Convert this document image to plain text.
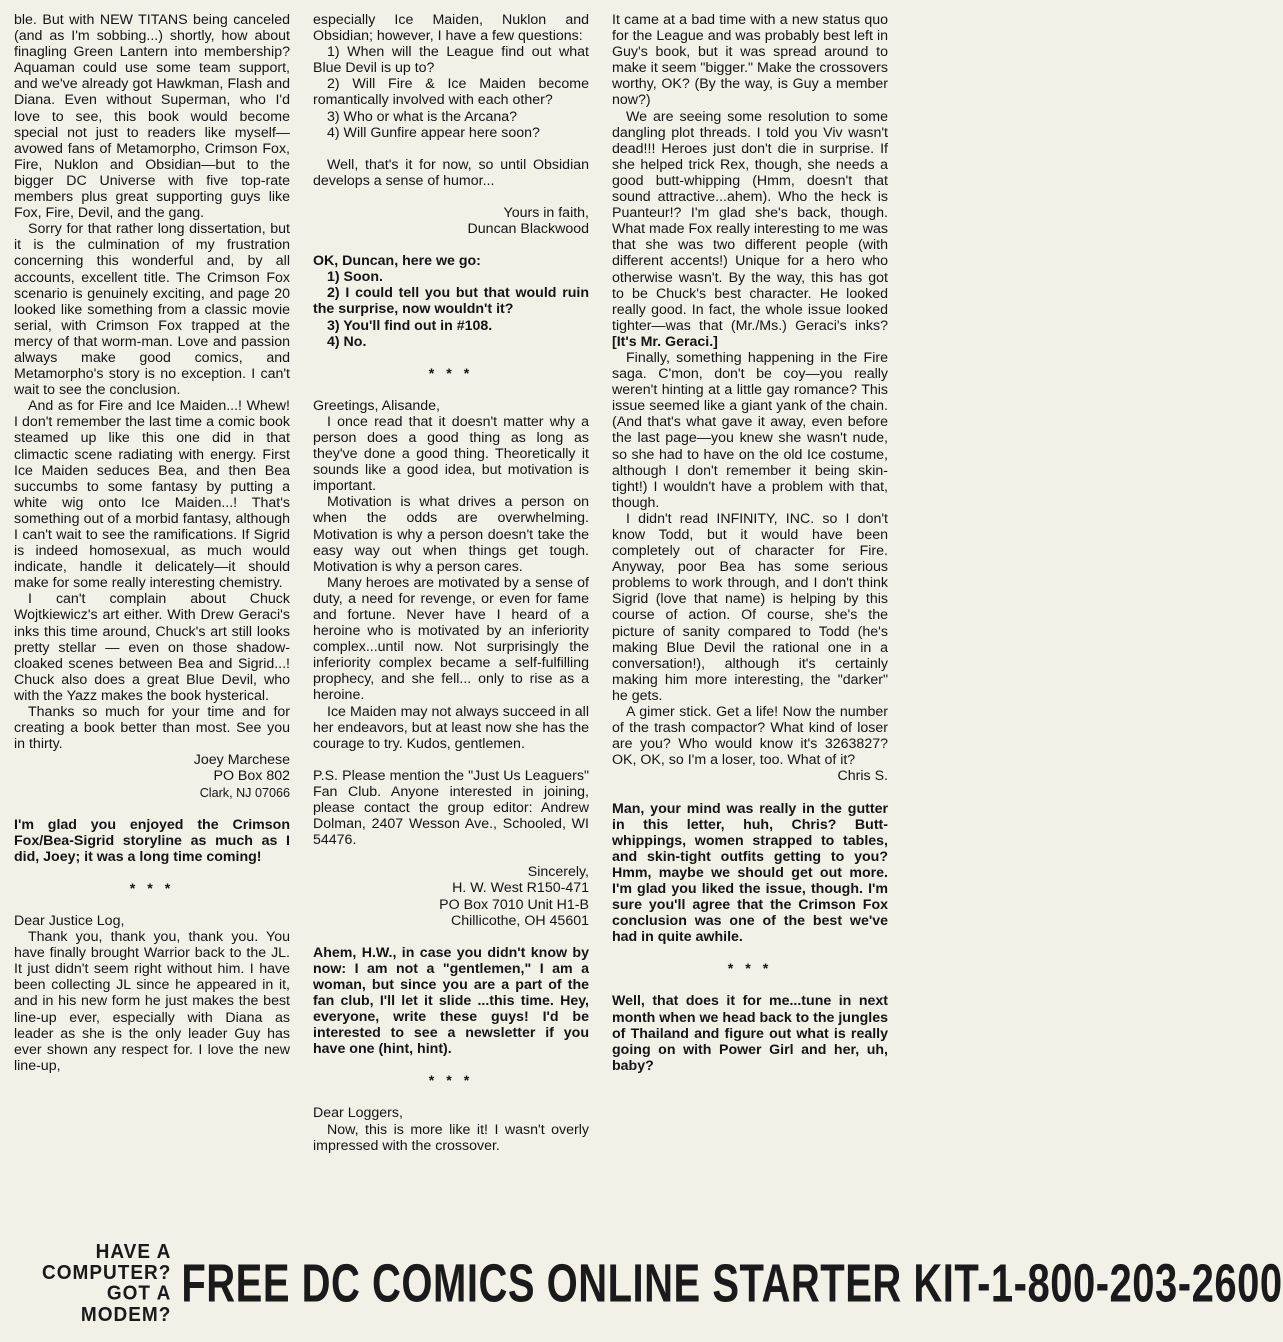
ble. But with NEW TITANS being canceled (and as I'm sobbing...) shortly, how about finagling Green Lantern into membership? Aquaman could use some team support, and we've already got Hawkman, Flash and Diana. Even without Superman, who I'd love to see, this book would become special not just to readers like myself—avowed fans of Metamorpho, Crimson Fox, Fire, Nuklon and Obsidian—but to the bigger DC Universe with five top-rate members plus great supporting guys like Fox, Fire, Devil, and the gang.

Sorry for that rather long dissertation, but it is the culmination of my frustration concerning this wonderful and, by all accounts, excellent title. The Crimson Fox scenario is genuinely exciting, and page 20 looked like something from a classic movie serial, with Crimson Fox trapped at the mercy of that worm-man. Love and passion always make good comics, and Metamorpho's story is no exception. I can't wait to see the conclusion.

And as for Fire and Ice Maiden...! Whew! I don't remember the last time a comic book steamed up like this one did in that climactic scene radiating with energy. First Ice Maiden seduces Bea, and then Bea succumbs to some fantasy by putting a white wig onto Ice Maiden...! That's something out of a morbid fantasy, although I can't wait to see the ramifications. If Sigrid is indeed homosexual, as much would indicate, handle it delicately—it should make for some really interesting chemistry.

I can't complain about Chuck Wojtkiewicz's art either. With Drew Geraci's inks this time around, Chuck's art still looks pretty stellar — even on those shadow-cloaked scenes between Bea and Sigrid...! Chuck also does a great Blue Devil, who with the Yazz makes the book hysterical.

Thanks so much for your time and for creating a book better than most. See you in thirty.

Joey Marchese

PO Box 802

Clark, NJ 07066

I'm glad you enjoyed the Crimson Fox/Bea-Sigrid storyline as much as I did, Joey; it was a long time coming!

* * *

Dear Justice Log,

Thank you, thank you, thank you. You have finally brought Warrior back to the JL. It just didn't seem right without him. I have been collecting JL since he appeared in it, and in his new form he just makes the best line-up ever, especially with Diana as leader as she is the only leader Guy has ever shown any respect for. I love the new line-up,

especially Ice Maiden, Nuklon and Obsidian; however, I have a few questions:

1) When will the League find out what Blue Devil is up to?

2) Will Fire & Ice Maiden become romantically involved with each other?

3) Who or what is the Arcana?

4) Will Gunfire appear here soon?

Well, that's it for now, so until Obsidian develops a sense of humor...

Yours in faith,

Duncan Blackwood

OK, Duncan, here we go:

1) Soon.

2) I could tell you but that would ruin the surprise, now wouldn't it?

3) You'll find out in #108.

4) No.

* * *

Greetings, Alisande,

I once read that it doesn't matter why a person does a good thing as long as they've done a good thing. Theoretically it sounds like a good idea, but motivation is important.

Motivation is what drives a person on when the odds are overwhelming. Motivation is why a person doesn't take the easy way out when things get tough. Motivation is why a person cares.

Many heroes are motivated by a sense of duty, a need for revenge, or even for fame and fortune. Never have I heard of a heroine who is motivated by an inferiority complex...until now. Not surprisingly the inferiority complex became a self-fulfilling prophecy, and she fell... only to rise as a heroine.

Ice Maiden may not always succeed in all her endeavors, but at least now she has the courage to try. Kudos, gentlemen.

P.S. Please mention the "Just Us Leaguers" Fan Club. Anyone interested in joining, please contact the group editor: Andrew Dolman, 2407 Wesson Ave., Schooled, WI 54476.

Sincerely,

H. W. West R150-471

PO Box 7010 Unit H1-B

Chillicothe, OH 45601

Ahem, H.W., in case you didn't know by now: I am not a "gentlemen," I am a woman, but since you are a part of the fan club, I'll let it slide ...this time. Hey, everyone, write these guys! I'd be interested to see a newsletter if you have one (hint, hint).

* * *

Dear Loggers,

Now, this is more like it! I wasn't overly impressed with the crossover.

It came at a bad time with a new status quo for the League and was probably best left in Guy's book, but it was spread around to make it seem "bigger." Make the crossovers worthy, OK? (By the way, is Guy a member now?)

We are seeing some resolution to some dangling plot threads. I told you Viv wasn't dead!!! Heroes just don't die in surprise. If she helped trick Rex, though, she needs a good butt-whipping (Hmm, doesn't that sound attractive...ahem). Who the heck is Puanteur!? I'm glad she's back, though. What made Fox really interesting to me was that she was two different people (with different accents!) Unique for a hero who otherwise wasn't. By the way, this has got to be Chuck's best character. He looked really good. In fact, the whole issue looked tighter—was that (Mr./Ms.) Geraci's inks? [It's Mr. Geraci.]

Finally, something happening in the Fire saga. C'mon, don't be coy—you really weren't hinting at a little gay romance? This issue seemed like a giant yank of the chain. (And that's what gave it away, even before the last page—you knew she wasn't nude, so she had to have on the old Ice costume, although I don't remember it being skin-tight!) I wouldn't have a problem with that, though.

I didn't read INFINITY, INC. so I don't know Todd, but it would have been completely out of character for Fire. Anyway, poor Bea has some serious problems to work through, and I don't think Sigrid (love that name) is helping by this course of action. Of course, she's the picture of sanity compared to Todd (he's making Blue Devil the rational one in a conversation!), although it's certainly making him more interesting, the "darker" he gets.

A gimer stick. Get a life! Now the number of the trash compactor? What kind of loser are you? Who would know it's 3263827? OK, OK, so I'm a loser, too. What of it?

Chris S.

Man, your mind was really in the gutter in this letter, huh, Chris? Butt-whippings, women strapped to tables, and skin-tight outfits getting to you? Hmm, maybe we should get out more. I'm glad you liked the issue, though. I'm sure you'll agree that the Crimson Fox conclusion was one of the best we've had in quite awhile.

* * *

Well, that does it for me...tune in next month when we head back to the jungles of Thailand and figure out what is really going on with Power Girl and her, uh, baby?

HAVE A COMPUTER?
GOT A MODEM?
FREE DC COMICS ONLINE STARTER KIT-1-800-203-2600
